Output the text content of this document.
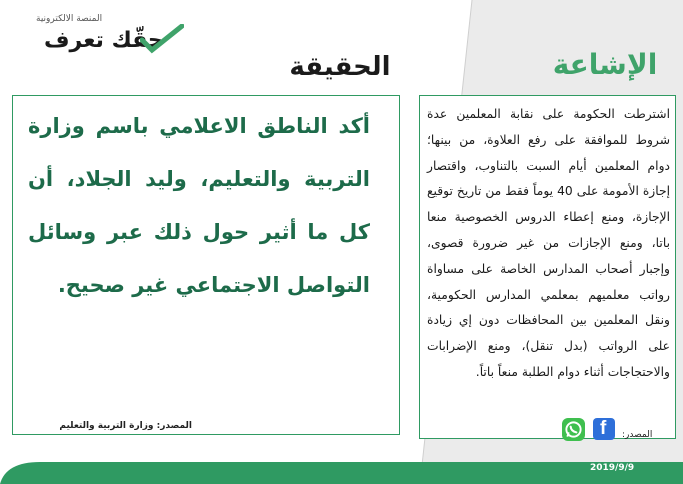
المنصة الالكترونية
حقّك تعرف
الحقيقة	الإشاعة
أكد الناطق الاعلامي باسم وزارة التربية والتعليم، وليد الجلاد، أن كل ما أثير حول ذلك عبر وسائل التواصل الاجتماعي غير صحيح.
المصدر: وزارة التربية والتعليم
اشترطت الحكومة على نقابة المعلمين عدة شروط للموافقة على رفع العلاوة، من بينها؛ دوام المعلمين أيام السبت بالتناوب، واقتصار إجازة الأمومة على 40 يوماً فقط من تاريخ توقيع الإجازة، ومنع إعطاء الدروس الخصوصية منعا باتا، ومنع الإجازات من غير ضرورة قصوى، وإجبار أصحاب المدارس الخاصة على مساواة رواتب معلميهم بمعلمي المدارس الحكومية، ونقل المعلمين بين المحافظات دون إي زيادة على الرواتب (بدل تنقل)، ومنع الإضرابات والاحتجاجات أثناء دوام الطلبة منعاً باتاً.
المصدر:
f
2019/9/9
